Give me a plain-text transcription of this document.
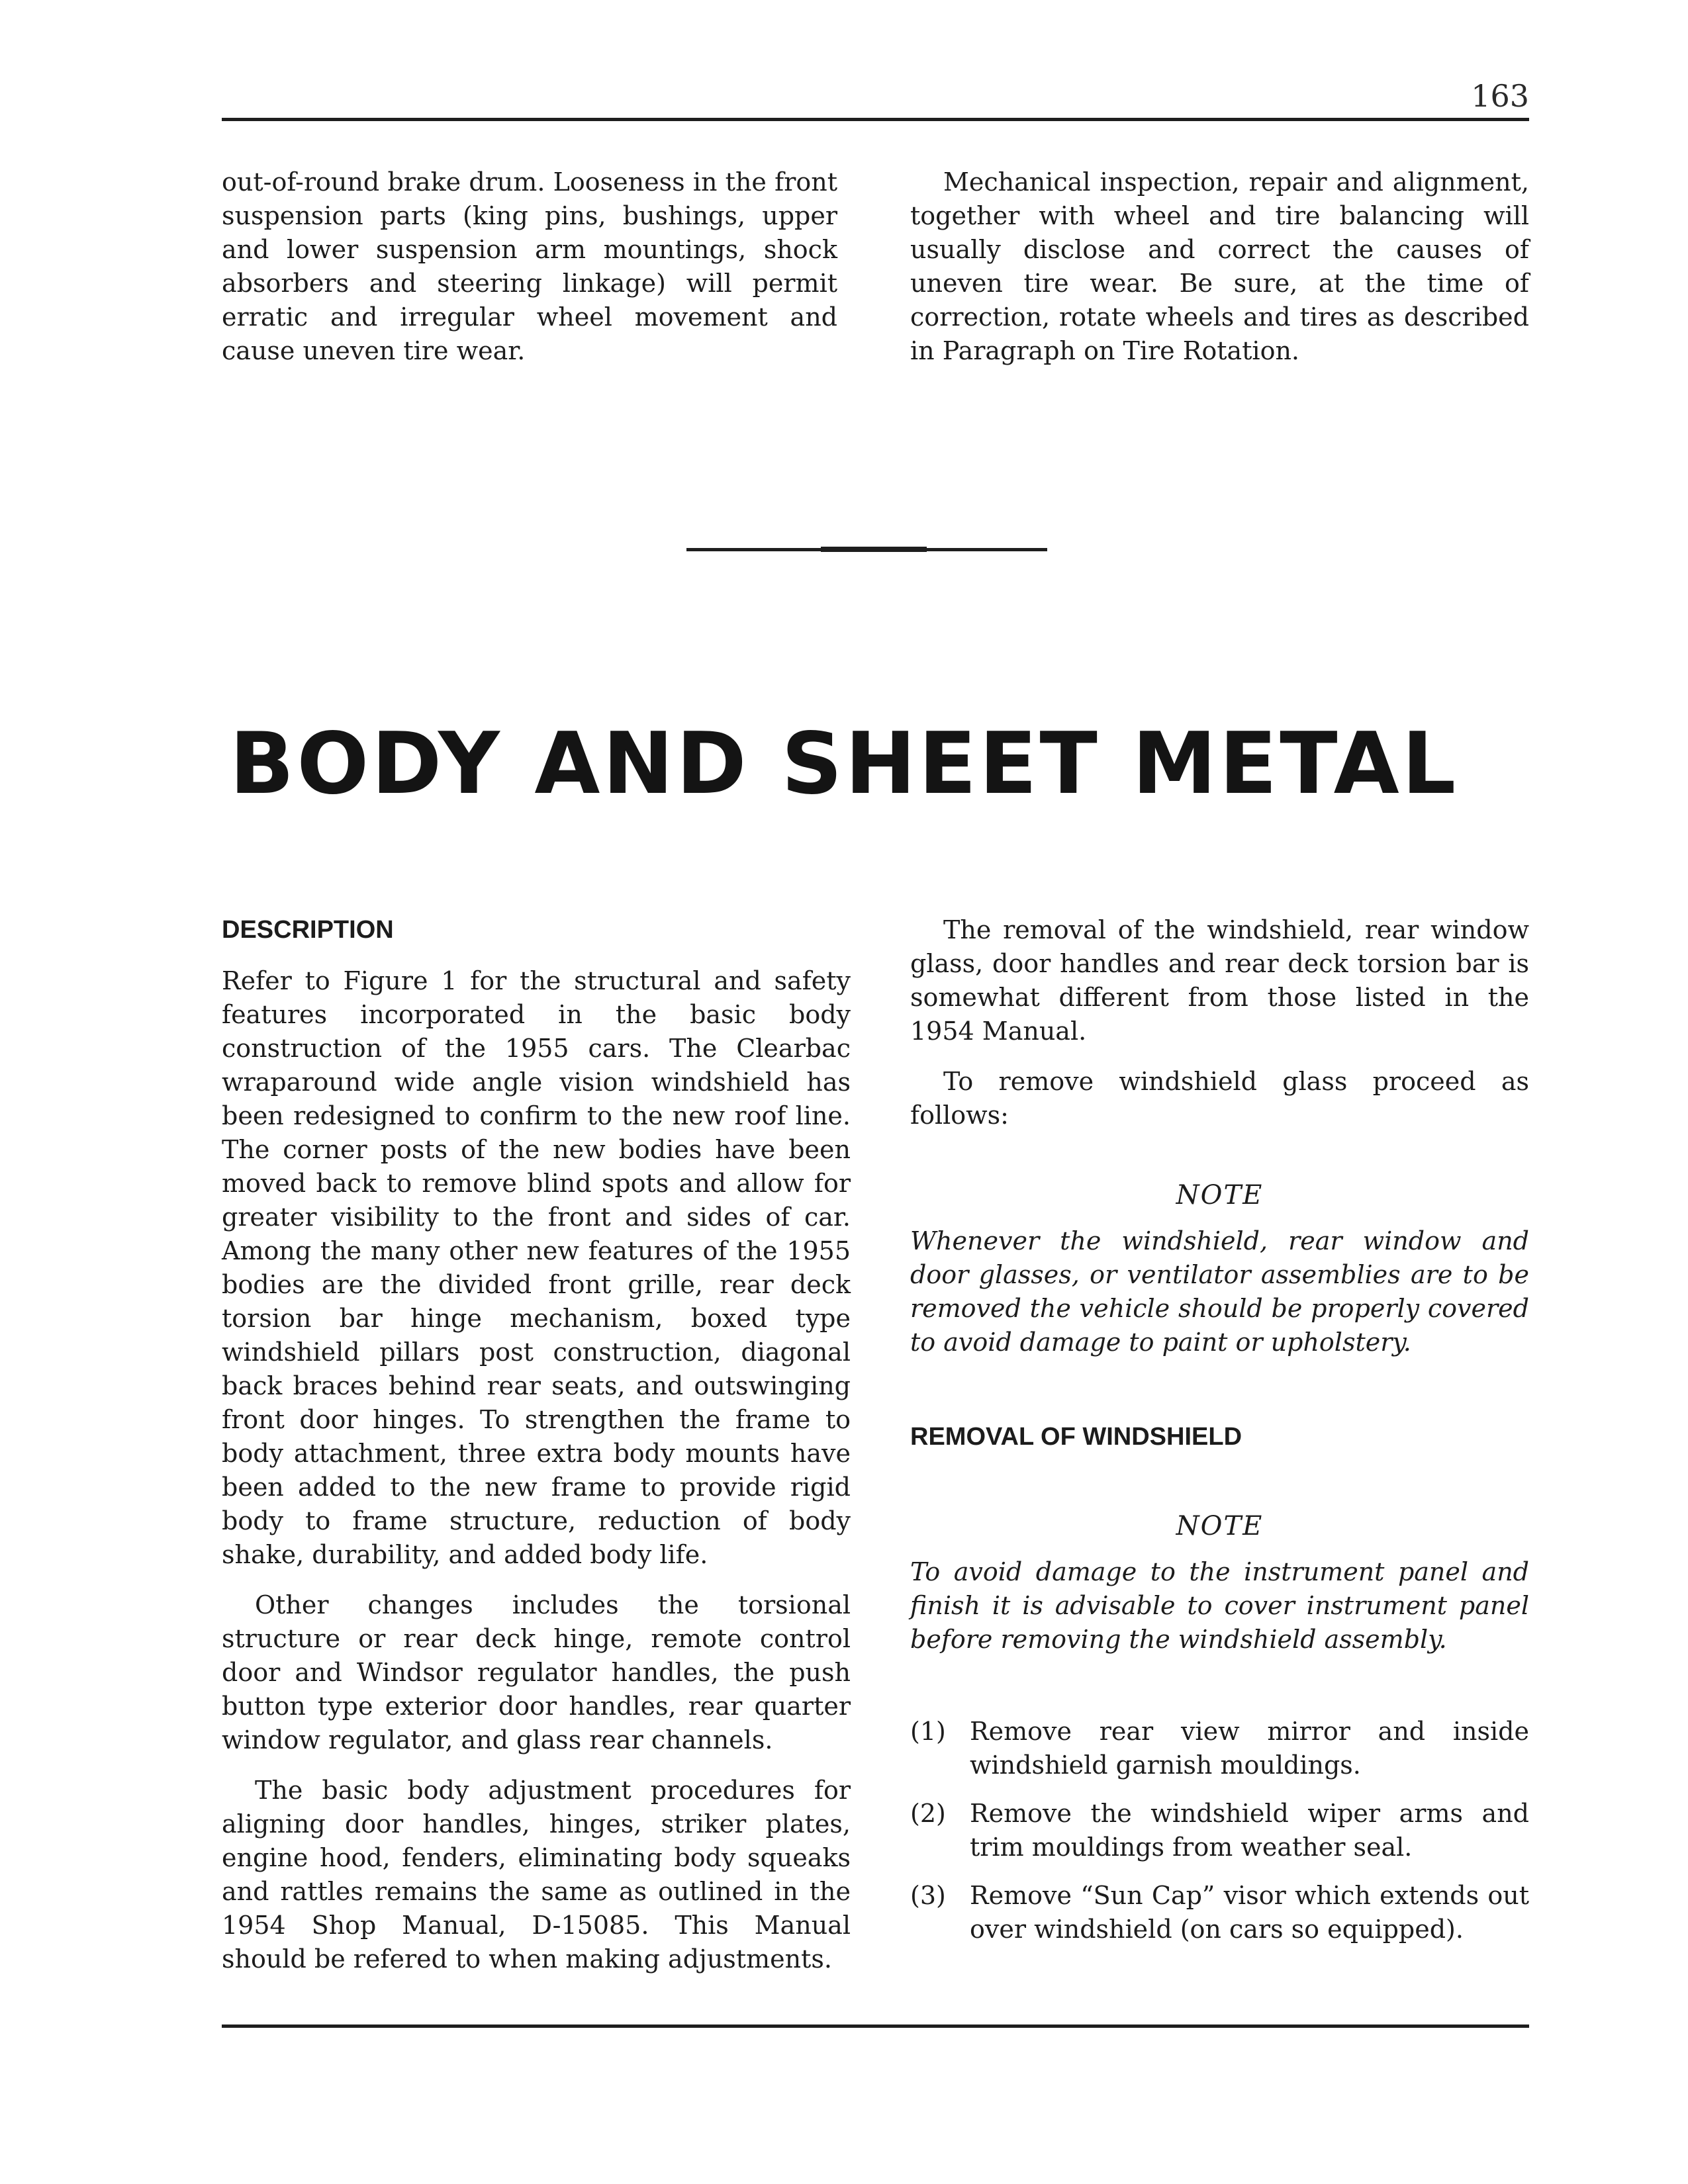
163

out-of-round brake drum. Looseness in the front suspension parts (king pins, bushings, upper and lower suspension arm mountings, shock absorbers and steering linkage) will permit erratic and irregular wheel movement and cause uneven tire wear.

Mechanical inspection, repair and alignment, together with wheel and tire balancing will usually disclose and correct the causes of uneven tire wear. Be sure, at the time of correction, rotate wheels and tires as described in Paragraph on Tire Rotation.

BODY AND SHEET METAL

DESCRIPTION

Refer to Figure 1 for the structural and safety features incorporated in the basic body construction of the 1955 cars. The Clearbac wraparound wide angle vision windshield has been redesigned to confirm to the new roof line. The corner posts of the new bodies have been moved back to remove blind spots and allow for greater visibility to the front and sides of car. Among the many other new features of the 1955 bodies are the divided front grille, rear deck torsion bar hinge mechanism, boxed type windshield pillars post construction, diagonal back braces behind rear seats, and outswinging front door hinges. To strengthen the frame to body attachment, three extra body mounts have been added to the new frame to provide rigid body to frame structure, reduction of body shake, durability, and added body life.

Other changes includes the torsional structure or rear deck hinge, remote control door and Windsor regulator handles, the push button type exterior door handles, rear quarter window regulator, and glass rear channels.

The basic body adjustment procedures for aligning door handles, hinges, striker plates, engine hood, fenders, eliminating body squeaks and rattles remains the same as outlined in the 1954 Shop Manual, D-15085. This Manual should be refered to when making adjustments.

The removal of the windshield, rear window glass, door handles and rear deck torsion bar is somewhat different from those listed in the 1954 Manual.

To remove windshield glass proceed as follows:

NOTE

Whenever the windshield, rear window and door glasses, or ventilator assemblies are to be removed the vehicle should be properly covered to avoid damage to paint or upholstery.

REMOVAL OF WINDSHIELD

NOTE

To avoid damage to the instrument panel and finish it is advisable to cover instrument panel before removing the windshield assembly.

(1) Remove rear view mirror and inside windshield garnish mouldings.
(2) Remove the windshield wiper arms and trim mouldings from weather seal.
(3) Remove “Sun Cap” visor which extends out over windshield (on cars so equipped).
